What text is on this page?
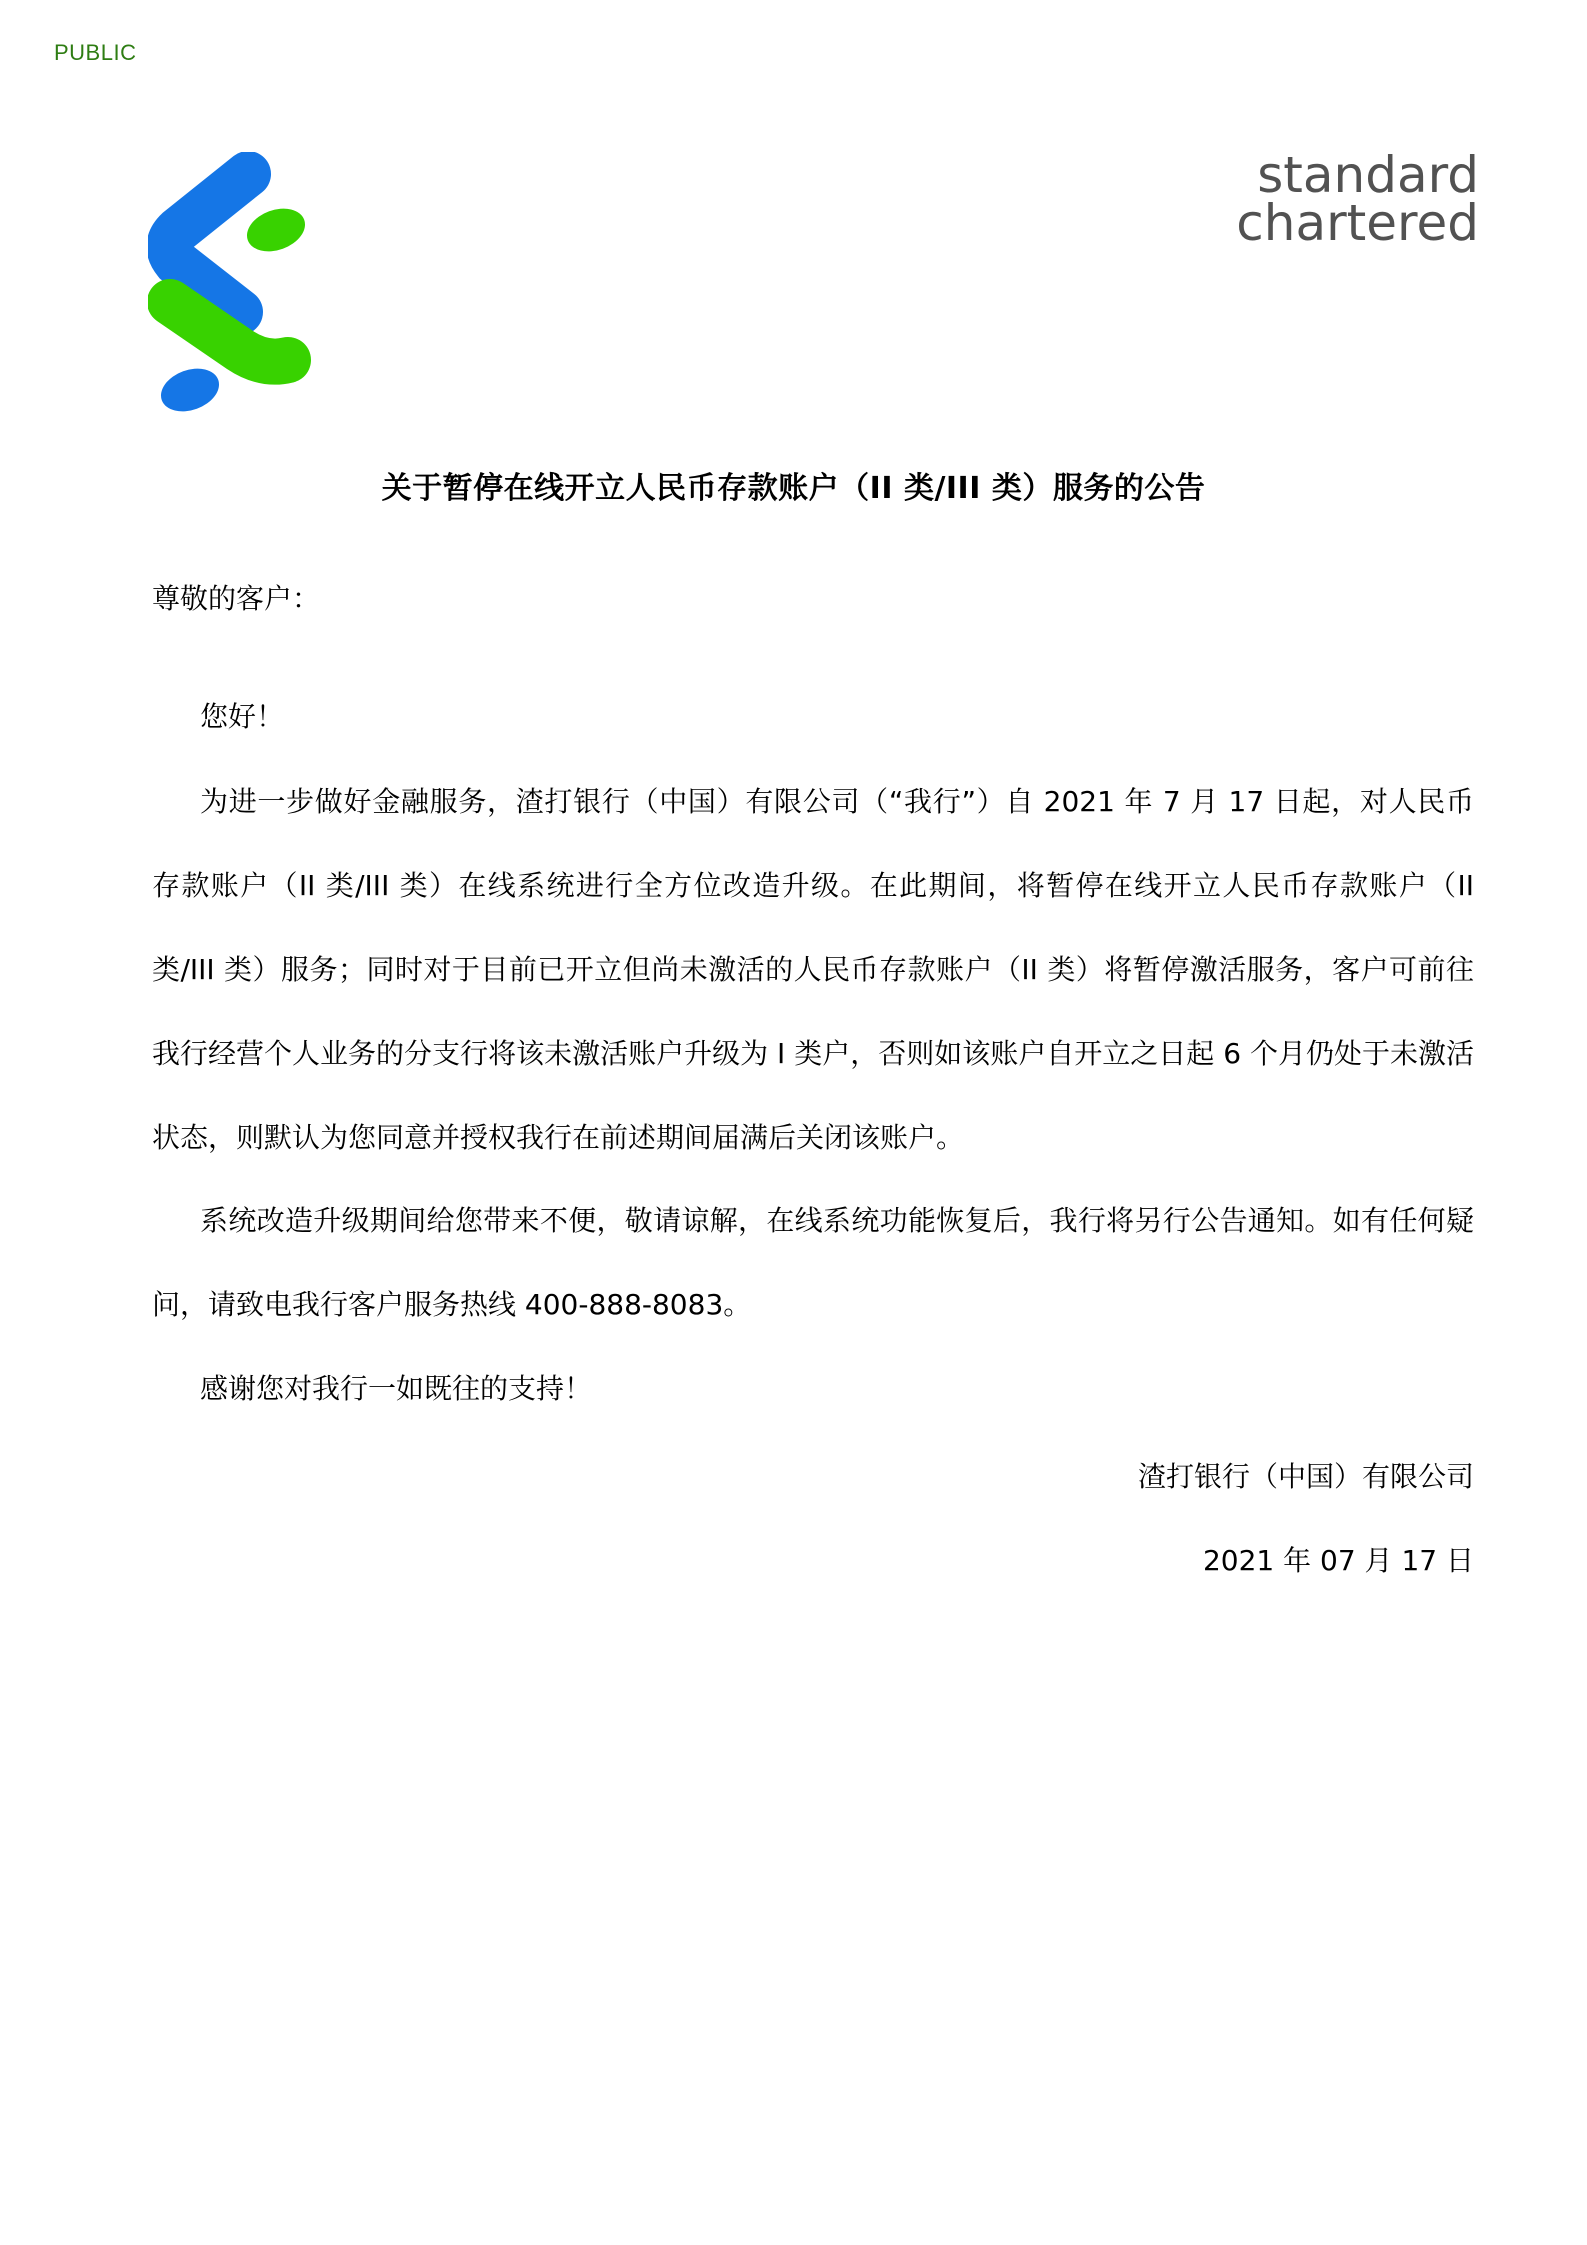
PUBLIC
standard
chartered
关于暂停在线开立人民币存款账户（II 类/III 类）服务的公告
尊敬的客户：
您好！
为进一步做好金融服务，渣打银行（中国）有限公司（“我行”）自 2021 年 7 月 17 日起，对人民币 存款账户（II 类/III 类）在线系统进行全方位改造升级。在此期间，将暂停在线开立人民币存款账户（II 类/III 类）服务；同时对于目前已开立但尚未激活的人民币存款账户（II 类）将暂停激活服务，客户可前往我行经营个人业务的分支行将该未激活账户升级为 I 类户，否则如该账户自开立之日起 6 个月仍处于未激活状态，则默认为您同意并授权我行在前述期间届满后关闭该账户。
系统改造升级期间给您带来不便，敬请谅解，在线系统功能恢复后，我行将另行公告通知。如有任何疑问，请致电我行客户服务热线 400-888-8083。
感谢您对我行一如既往的支持！
渣打银行（中国）有限公司
2021 年 07 月 17 日
